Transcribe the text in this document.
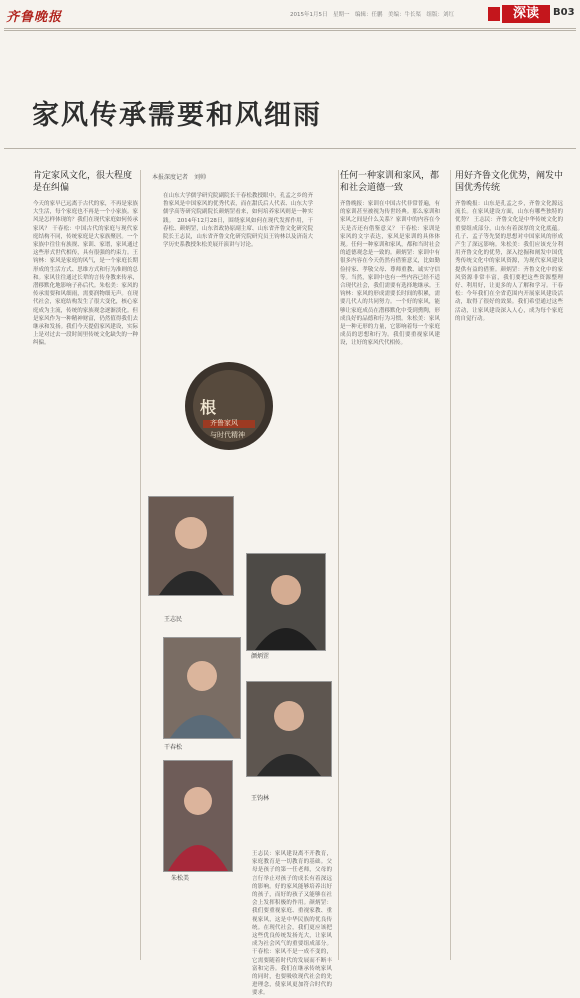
齐鲁晚报	2015年1月5日　星期一　编辑：任鹏　美编：牛长渠　组版：刘红	深读	B03
家风传承需要和风细雨
本报深度记者　刘帅

在山东大学儒学研究院副院长干春松教授眼中，孔孟之乡的齐鲁家风是中国家风的优秀代表，而在甜氏后人代表、山东大学儒学高等研究院副院长颜炳罡看来，如何培养家风则是一种实践。　2014年12月28日，围绕家风如何在现代发挥作用，干春松、颜炳罡，山东省政协原副主席、山东省齐鲁文化研究院院长王志民，山东省齐鲁文化研究院研究员王钧林以及济南大学历史系教授朱松美展开演讲与讨论。

肯定家风文化，很大程度是在纠偏

今天的家早已远离于古代的家，不再是家族大生活，每个家庭也不再是一个小家族。家风是怎样体现的？我们在现代家庭如何传承家风？ 干春松：中国古代的家庭与现代家庭结构不同，传统家庭是大家族聚居。一个家族中往往有族规、家训、家谱，家风通过这些形式世代相传，具有很强的约束力。王钧林：家风是家庭的风气，是一个家庭长期形成的生活方式、思维方式和行为准则的总和。家风往往通过长辈的言传身教来传承，潜移默化地影响子孙后代。朱松美：家风的传承需要和风细雨，需要润物细无声。在现代社会，家庭结构发生了很大变化，核心家庭成为主流，传统的家族观念逐渐淡化。但是家风作为一种精神财富，仍然值得我们去继承和发扬。我们今天提倡家风建设，实际上是对过去一段时间里传统文化缺失的一种纠偏。

根
齐鲁家风
与时代精神
王志民
颜炳罡
干春松
王钧林
朱松美
任何一种家训和家风，都和社会道德一致

齐鲁晚报：家训在中国古代非常普遍，有的家训甚至被视为传世经典。那么家训和家风之间是什么关系？家训中的内容在今天是否还有借鉴意义？ 干春松：家训是家风的文字表达，家风是家训的具体体现。任何一种家训和家风，都和当时社会的道德观念是一致的。颜炳罡：家训中有很多内容在今天仍然有借鉴意义，比如勤俭持家、孝敬父母、尊师重教、诚实守信等。当然，家训中也有一些内容已经不适合现代社会，我们需要有选择地继承。王钧林：家风的形成需要长时间的积累，需要几代人的共同努力。一个好的家风，能够让家庭成员在潜移默化中受到熏陶，形成良好的品德和行为习惯。朱松美：家风是一种无形的力量，它影响着每一个家庭成员的思想和行为。我们要重视家风建设，让好的家风代代相传。

用好齐鲁文化优势，阐发中国优秀传统

齐鲁晚报：山东是孔孟之乡，齐鲁文化源远流长。在家风建设方面，山东有哪些独特的优势？ 王志民：齐鲁文化是中华传统文化的重要组成部分，山东有着深厚的文化底蕴。孔子、孟子等先贤的思想对中国家风的形成产生了深远影响。朱松美：我们应该充分利用齐鲁文化的优势，深入挖掘和阐发中国优秀传统文化中的家风资源，为现代家风建设提供有益的借鉴。颜炳罡：齐鲁文化中的家风资源非常丰富，我们要把这些资源整理好、利用好，让更多的人了解和学习。干春松：今年我们在全省范围内开展家风建设活动，取得了很好的效果。我们希望通过这些活动，让家风建设深入人心，成为每个家庭的自觉行动。

王志民：家风建设离不开教育，家庭教育是一切教育的基础。父母是孩子的第一任老师，父母的言行举止对孩子的成长有着深远的影响。好的家风能够培养出好的孩子，而好的孩子又能够在社会上发挥积极的作用。颜炳罡：我们要重视家庭、重视家教、重视家风，这是中华民族的优良传统。在现代社会，我们更应该把这些优良传统发扬光大，让家风成为社会风气的重要组成部分。干春松：家风不是一成不变的，它需要随着时代的发展而不断丰富和完善。我们在继承传统家风的同时，也要吸收现代社会的先进理念，使家风更加符合时代的要求。
